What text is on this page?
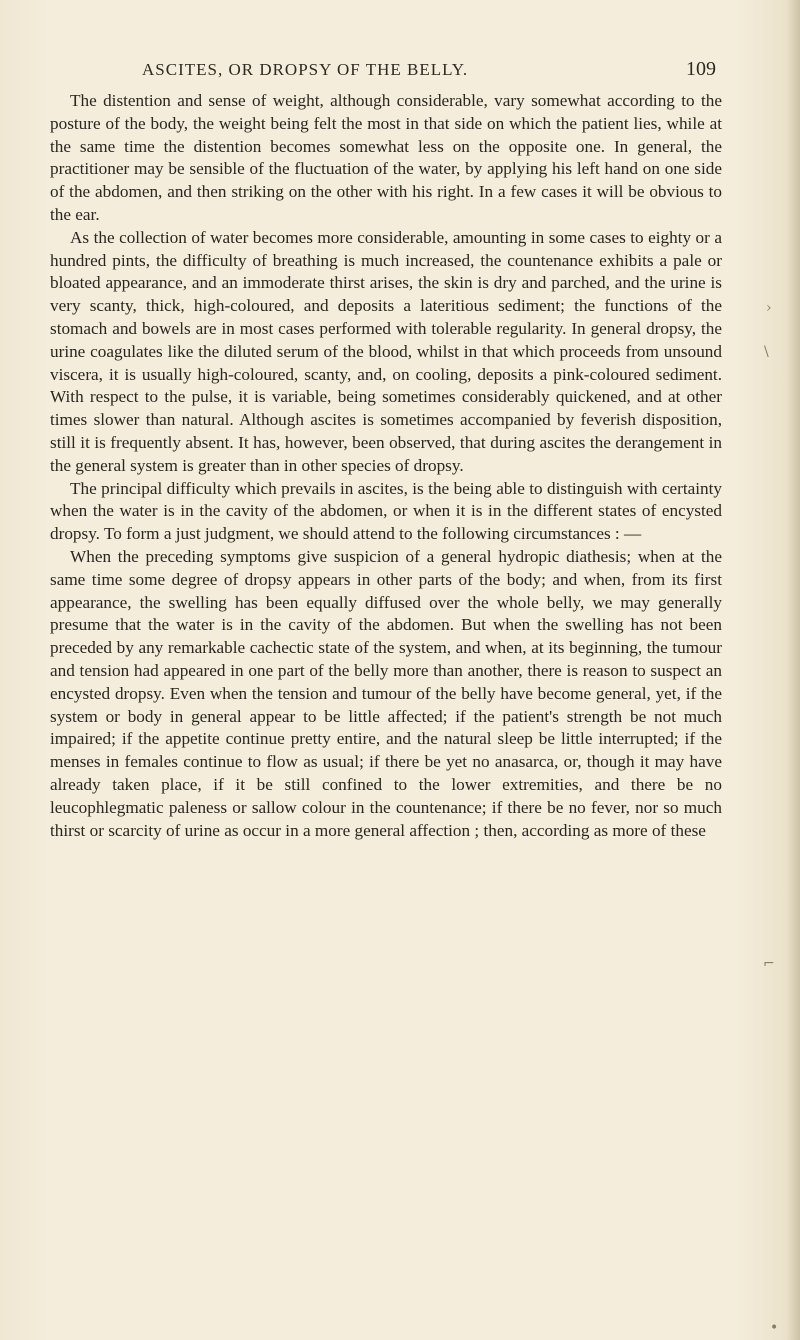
ASCITES, OR DROPSY OF THE BELLY.	109

The distention and sense of weight, although considerable, vary somewhat according to the posture of the body, the weight being felt the most in that side on which the patient lies, while at the same time the distention becomes somewhat less on the opposite one. In general, the practitioner may be sensible of the fluctuation of the water, by applying his left hand on one side of the abdomen, and then striking on the other with his right. In a few cases it will be obvious to the ear.

As the collection of water becomes more considerable, amounting in some cases to eighty or a hundred pints, the difficulty of breathing is much increased, the countenance exhibits a pale or bloated appearance, and an immoderate thirst arises, the skin is dry and parched, and the urine is very scanty, thick, high-coloured, and deposits a lateritious sediment; the functions of the stomach and bowels are in most cases performed with tolerable regularity. In general dropsy, the urine coagulates like the diluted serum of the blood, whilst in that which proceeds from unsound viscera, it is usually high-coloured, scanty, and, on cooling, deposits a pink-coloured sediment. With respect to the pulse, it is variable, being sometimes considerably quickened, and at other times slower than natural. Although ascites is sometimes accompanied by feverish disposition, still it is frequently absent. It has, however, been observed, that during ascites the derangement in the general system is greater than in other species of dropsy.

The principal difficulty which prevails in ascites, is the being able to distinguish with certainty when the water is in the cavity of the abdomen, or when it is in the different states of encysted dropsy. To form a just judgment, we should attend to the following circumstances : —

When the preceding symptoms give suspicion of a general hydropic diathesis; when at the same time some degree of dropsy appears in other parts of the body; and when, from its first appearance, the swelling has been equally diffused over the whole belly, we may generally presume that the water is in the cavity of the abdomen. But when the swelling has not been preceded by any remarkable cachectic state of the system, and when, at its beginning, the tumour and tension had appeared in one part of the belly more than another, there is reason to suspect an encysted dropsy. Even when the tension and tumour of the belly have become general, yet, if the system or body in general appear to be little affected; if the patient's strength be not much impaired; if the appetite continue pretty entire, and the natural sleep be little interrupted; if the menses in females continue to flow as usual; if there be yet no anasarca, or, though it may have already taken place, if it be still confined to the lower extremities, and there be no leucophlegmatic paleness or sallow colour in the countenance; if there be no fever, nor so much thirst or scarcity of urine as occur in a more general affection ; then, according as more of these

›
\
⌐
•
